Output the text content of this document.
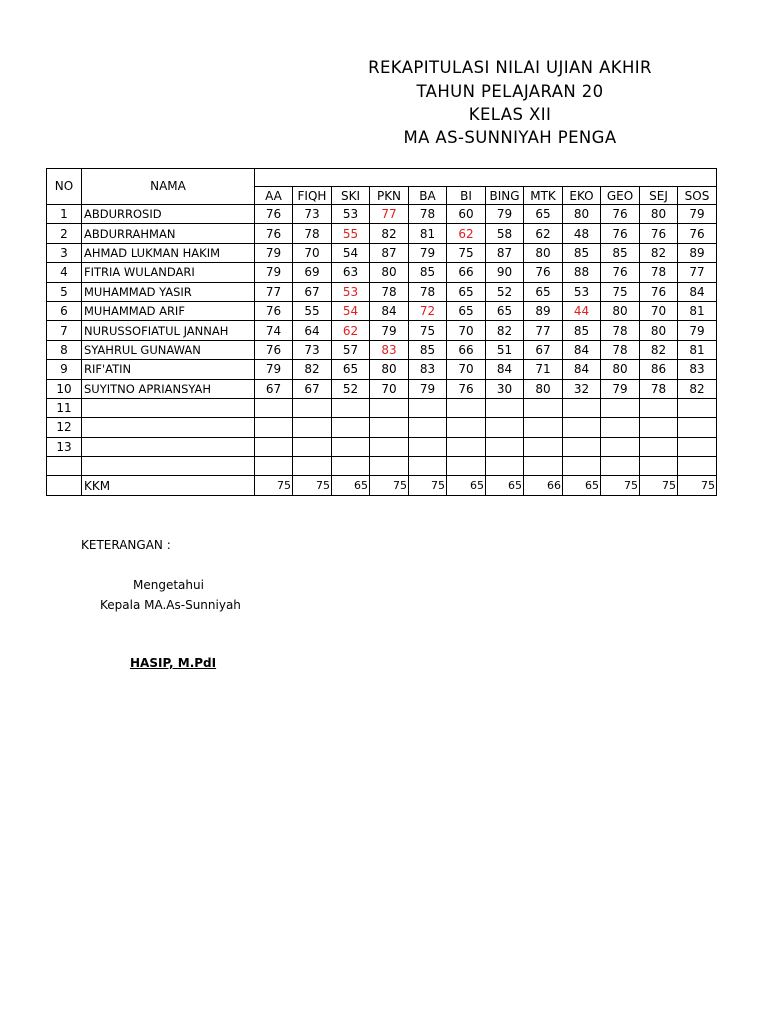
REKAPITULASI NILAI UJIAN AKHIR
TAHUN PELAJARAN 20
KELAS XII
MA AS-SUNNIYAH PENGA
NO	NAMA												
		AA	FIQH	SKI	PKN	BA	BI	BING	MTK	EKO	GEO	SEJ	SOS
1	ABDURROSID	76	73	53	77	78	60	79	65	80	76	80	79
2	ABDURRAHMAN	76	78	55	82	81	62	58	62	48	76	76	76
3	AHMAD LUKMAN HAKIM	79	70	54	87	79	75	87	80	85	85	82	89
4	FITRIA WULANDARI	79	69	63	80	85	66	90	76	88	76	78	77
5	MUHAMMAD YASIR	77	67	53	78	78	65	52	65	53	75	76	84
6	MUHAMMAD ARIF	76	55	54	84	72	65	65	89	44	80	70	81
7	NURUSSOFIATUL JANNAH	74	64	62	79	75	70	82	77	85	78	80	79
8	SYAHRUL GUNAWAN	76	73	57	83	85	66	51	67	84	78	82	81
9	RIF'ATIN	79	82	65	80	83	70	84	71	84	80	86	83
10	SUYITNO APRIANSYAH	67	67	52	70	79	76	30	80	32	79	78	82
11													
12													
13													

	KKM	75	75	65	75	75	65	65	66	65	75	75	75
KETERANGAN :
Mengetahui
Kepala MA.As-Sunniyah
HASIP, M.PdI
